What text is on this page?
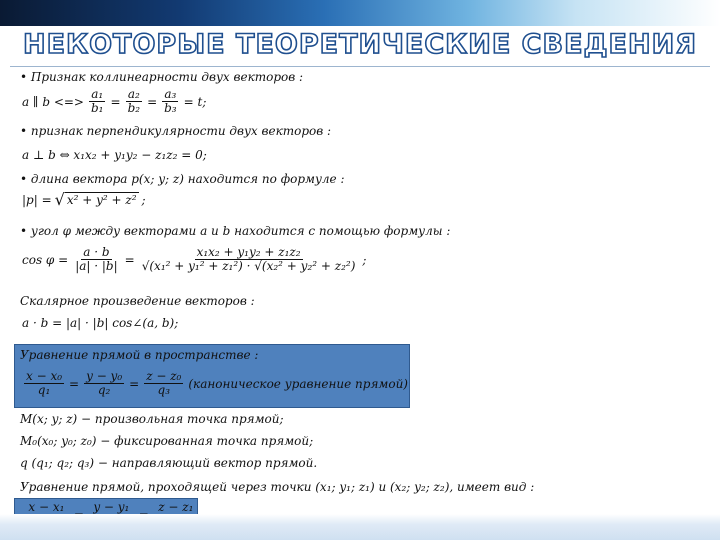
НЕКОТОРЫЕ ТЕОРЕТИЧЕСКИЕ СВЕДЕНИЯ
• Признак коллинеарности двух векторов :
a ∥ b <=> $\frac{\text{a₁}}{\text{b₁}} = \frac{\text{a₂}}{\text{b₂}} = \frac{\text{a₃}}{\text{b₃}} = t$;
• признак перпендикулярности двух векторов :
a ⊥ b ⇔ x₁x₂ + y₁y₂ − z₁z₂ = 0;
• длина вектора p(x; y; z) находится по формуле :
|p| = √ x² + y² + z² ;
• угол φ между векторами a и b находится с помощью формулы :
$\cos \varphi = \frac{a \cdot b}{|a| \cdot |b|} = \frac{\text{x₁x₂ + y₁y₂ + z₁z₂}}{\text{√(x₁² + y₁² + z₁²) · √(x₂² + y₂² + z₂²)}}$ ;
Скалярное произведение векторов :
a · b = |a| · |b| cos∠(a, b);
Уравнение прямой в пространстве :
$\frac{\text{x − x₀}}{\text{q₁}} = \frac{\text{y − y₀}}{\text{q₂}} = \frac{\text{z − z₀}}{\text{q₃}}$ (каноническое уравнение прямой)
M(x; y; z) − произвольная точка прямой;
M₀(x₀; y₀; z₀) − фиксированная точка прямой;
q (q₁; q₂; q₃) − направляющий вектор прямой.
Уравнение прямой, проходящей через точки (x₁; y₁; z₁) и (x₂; y₂; z₂), имеет вид :
x − x₁ y − y₁ z − z₁
